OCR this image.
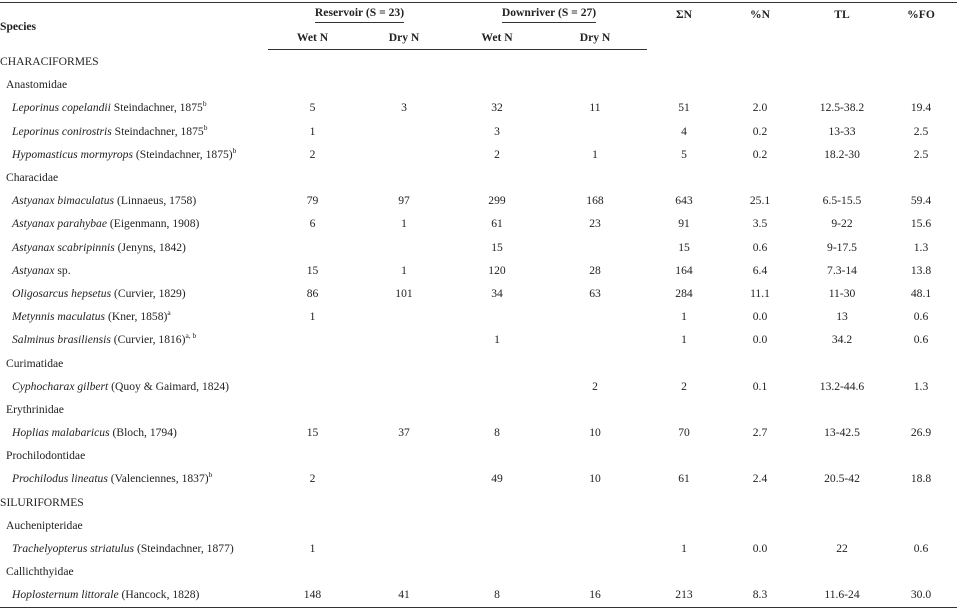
Species	Reservoir (S = 23)		Downriver (S = 27)		ΣN	%N	TL	%FO
	Wet N	Dry N	Wet N	Dry N				
CHARACIFORMES								
Anastomidae								
Leporinus copelandii Steindachner, 1875$^b$	5	3	32	11	51	2.0	12.5-38.2	19.4
Leporinus conirostris Steindachner, 1875$^b$	1		3		4	0.2	13-33	2.5
Hypomasticus mormyrops (Steindachner, 1875)$^b$	2		2	1	5	0.2	18.2-30	2.5
Characidae								
Astyanax bimaculatus (Linnaeus, 1758)	79	97	299	168	643	25.1	6.5-15.5	59.4
Astyanax parahybae (Eigenmann, 1908)	6	1	61	23	91	3.5	9-22	15.6
Astyanax scabripinnis (Jenyns, 1842)			15		15	0.6	9-17.5	1.3
Astyanax sp.	15	1	120	28	164	6.4	7.3-14	13.8
Oligosarcus hepsetus (Curvier, 1829)	86	101	34	63	284	11.1	11-30	48.1
Metynnis maculatus (Kner, 1858)$^a$	1				1	0.0	13	0.6
Salminus brasiliensis (Curvier, 1816)$^{a, b}$			1		1	0.0	34.2	0.6
Curimatidae								
Cyphocharax gilbert (Quoy & Gaimard, 1824)				2	2	0.1	13.2-44.6	1.3
Erythrinidae								
Hoplias malabaricus (Bloch, 1794)	15	37	8	10	70	2.7	13-42.5	26.9
Prochilodontidae								
Prochilodus lineatus (Valenciennes, 1837)$^b$	2		49	10	61	2.4	20.5-42	18.8
SILURIFORMES								
Auchenipteridae								
Trachelyopterus striatulus (Steindachner, 1877)	1				1	0.0	22	0.6
Callichthyidae								
Hoplosternum littorale (Hancock, 1828)	148	41	8	16	213	8.3	11.6-24	30.0
